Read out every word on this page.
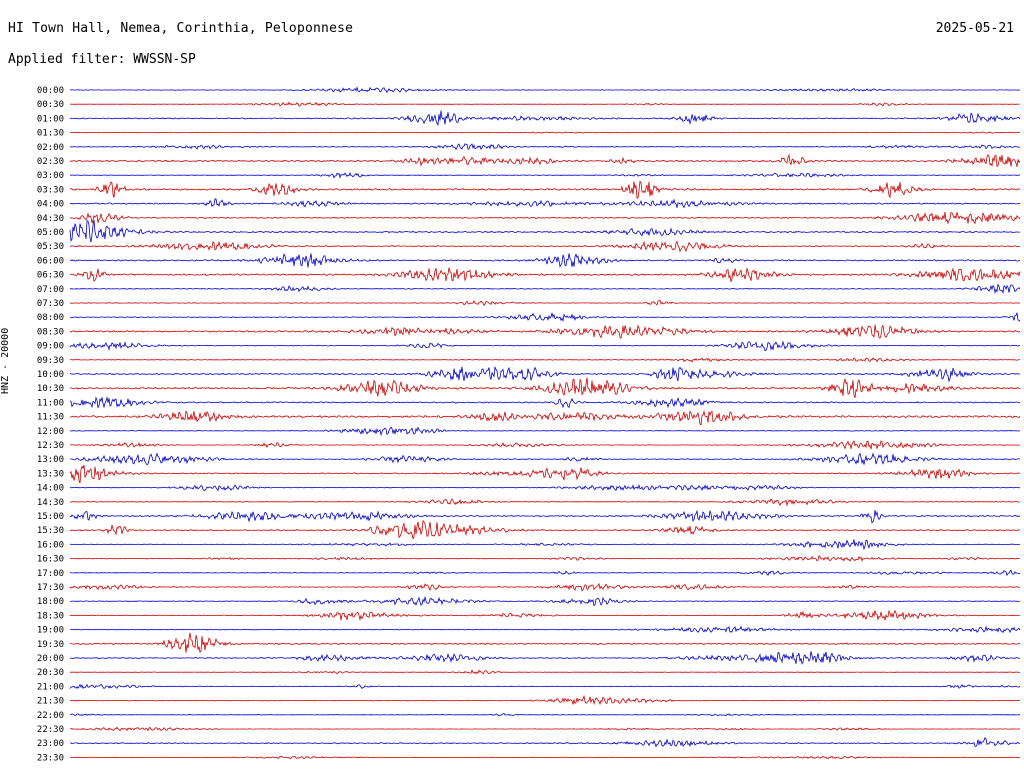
HI Town Hall, Nemea, Corinthia, Peloponnese	2025-05-21
Applied filter: WWSSN-SP
HNZ - 20000
00:00
00:30
01:00
01:30
02:00
02:30
03:00
03:30
04:00
04:30
05:00
05:30
06:00
06:30
07:00
07:30
08:00
08:30
09:00
09:30
10:00
10:30
11:00
11:30
12:00
12:30
13:00
13:30
14:00
14:30
15:00
15:30
16:00
16:30
17:00
17:30
18:00
18:30
19:00
19:30
20:00
20:30
21:00
21:30
22:00
22:30
23:00
23:30
